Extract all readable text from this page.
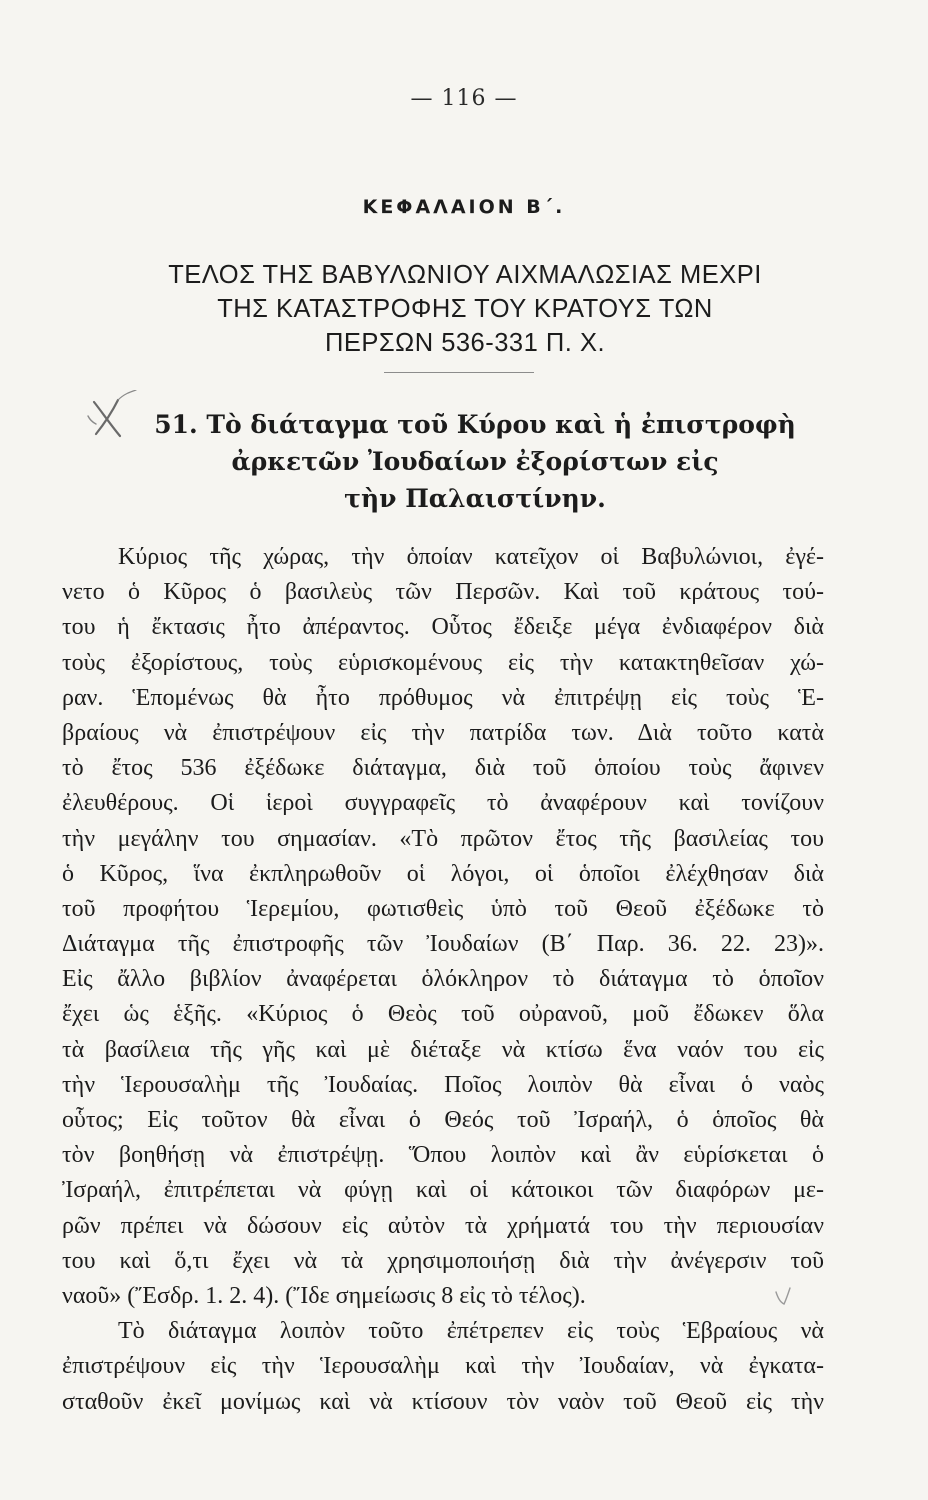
— 116 —
ΚΕΦΑΛΑΙΟΝ Β΄.
ΤΕΛΟΣ ΤΗΣ ΒΑΒΥΛΩΝΙΟΥ ΑΙΧΜΑΛΩΣΙΑΣ ΜΕΧΡΙ
ΤΗΣ ΚΑΤΑΣΤΡΟΦΗΣ ΤΟΥ ΚΡΑΤΟΥΣ ΤΩΝ
ΠΕΡΣΩΝ 536-331 Π. Χ.
51. Τὸ διάταγμα τοῦ Κύρου καὶ ἡ ἐπιστροφὴ
ἀρκετῶν Ἰουδαίων ἐξορίστων εἰς
τὴν Παλαιστίνην.
Κύριος τῆς χώρας, τὴν ὁποίαν κατεῖχον οἱ Βαβυλώνιοι, ἐγέ-
νετο ὁ Κῦρος ὁ βασιλεὺς τῶν Περσῶν. Καὶ τοῦ κράτους τού-
του ἡ ἔκτασις ἦτο ἀπέραντος. Οὗτος ἔδειξε μέγα ἐνδιαφέρον διὰ
τοὺς ἐξορίστους, τοὺς εὑρισκομένους εἰς τὴν κατακτηθεῖσαν χώ-
ραν. Ἑπομένως θὰ ἦτο πρόθυμος νὰ ἐπιτρέψῃ εἰς τοὺς Ἑ-
βραίους νὰ ἐπιστρέψουν εἰς τὴν πατρίδα των. Διὰ τοῦτο κατὰ
τὸ ἔτος 536 ἐξέδωκε διάταγμα, διὰ τοῦ ὁποίου τοὺς ἄφινεν
ἐλευθέρους. Οἱ ἱεροὶ συγγραφεῖς τὸ ἀναφέρουν καὶ τονίζουν
τὴν μεγάλην του σημασίαν. «Τὸ πρῶτον ἔτος τῆς βασιλείας του
ὁ Κῦρος, ἵνα ἐκπληρωθοῦν οἱ λόγοι, οἱ ὁποῖοι ἐλέχθησαν διὰ
τοῦ προφήτου Ἱερεμίου, φωτισθεὶς ὑπὸ τοῦ Θεοῦ ἐξέδωκε τὸ
Διάταγμα τῆς ἐπιστροφῆς τῶν Ἰουδαίων (Β΄ Παρ. 36. 22. 23)».
Εἰς ἄλλο βιβλίον ἀναφέρεται ὁλόκληρον τὸ διάταγμα τὸ ὁποῖον
ἔχει ὡς ἑξῆς. «Κύριος ὁ Θεὸς τοῦ οὐρανοῦ, μοῦ ἔδωκεν ὅλα
τὰ βασίλεια τῆς γῆς καὶ μὲ διέταξε νὰ κτίσω ἕνα ναόν του εἰς
τὴν Ἱερουσαλὴμ τῆς Ἰουδαίας. Ποῖος λοιπὸν θὰ εἶναι ὁ ναὸς
οὗτος; Εἰς τοῦτον θὰ εἶναι ὁ Θεός τοῦ Ἰσραήλ, ὁ ὁποῖος θὰ
τὸν βοηθήσῃ νὰ ἐπιστρέψῃ. Ὅπου λοιπὸν καὶ ἂν εὑρίσκεται ὁ
Ἰσραήλ, ἐπιτρέπεται νὰ φύγῃ καὶ οἱ κάτοικοι τῶν διαφόρων με-
ρῶν πρέπει νὰ δώσουν εἰς αὐτὸν τὰ χρήματά του τὴν περιουσίαν
του καὶ ὅ,τι ἔχει νὰ τὰ χρησιμοποιήσῃ διὰ τὴν ἀνέγερσιν τοῦ
ναοῦ» (Ἔσδρ. 1. 2. 4). (Ἴδε σημείωσις 8 εἰς τὸ τέλος).
Τὸ διάταγμα λοιπὸν τοῦτο ἐπέτρεπεν εἰς τοὺς Ἑβραίους νὰ
ἐπιστρέψουν εἰς τὴν Ἱερουσαλὴμ καὶ τὴν Ἰουδαίαν, νὰ ἐγκατα-
σταθοῦν ἐκεῖ μονίμως καὶ νὰ κτίσουν τὸν ναὸν τοῦ Θεοῦ εἰς τὴν
